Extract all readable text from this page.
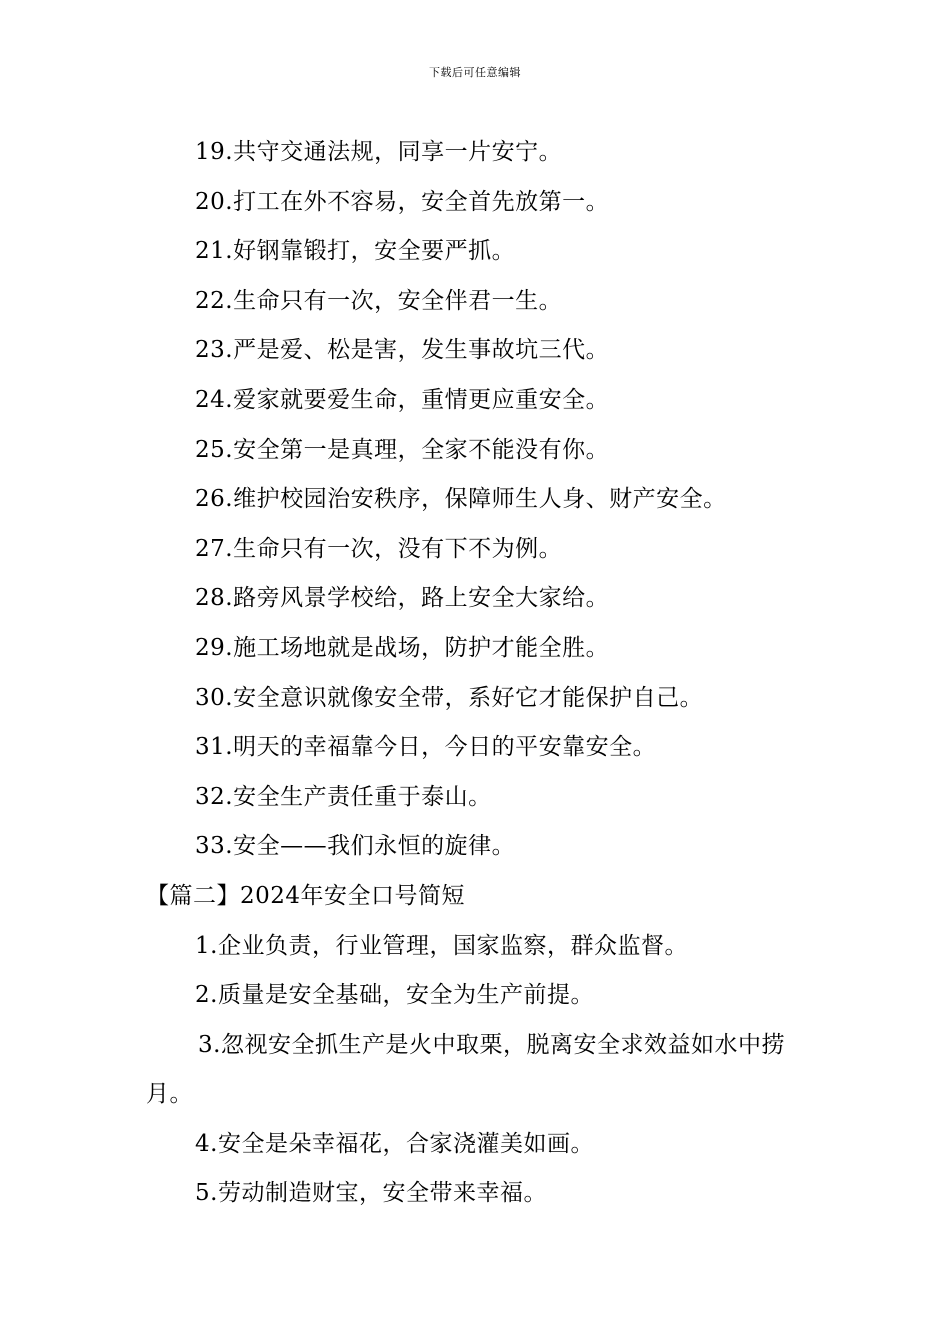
下载后可任意编辑
19.共守交通法规，同享一片安宁。
20.打工在外不容易，安全首先放第一。
21.好钢靠锻打，安全要严抓。
22.生命只有一次，安全伴君一生。
23.严是爱、松是害，发生事故坑三代。
24.爱家就要爱生命，重情更应重安全。
25.安全第一是真理，全家不能没有你。
26.维护校园治安秩序，保障师生人身、财产安全。
27.生命只有一次，没有下不为例。
28.路旁风景学校给，路上安全大家给。
29.施工场地就是战场，防护才能全胜。
30.安全意识就像安全带，系好它才能保护自己。
31.明天的幸福靠今日，今日的平安靠安全。
32.安全生产责任重于泰山。
33.安全——我们永恒的旋律。
【篇二】2024年安全口号简短
1.企业负责，行业管理，国家监察，群众监督。
2.质量是安全基础，安全为生产前提。
3.忽视安全抓生产是火中取栗，脱离安全求效益如水中捞月。
4.安全是朵幸福花，合家浇灌美如画。
5.劳动制造财宝，安全带来幸福。
